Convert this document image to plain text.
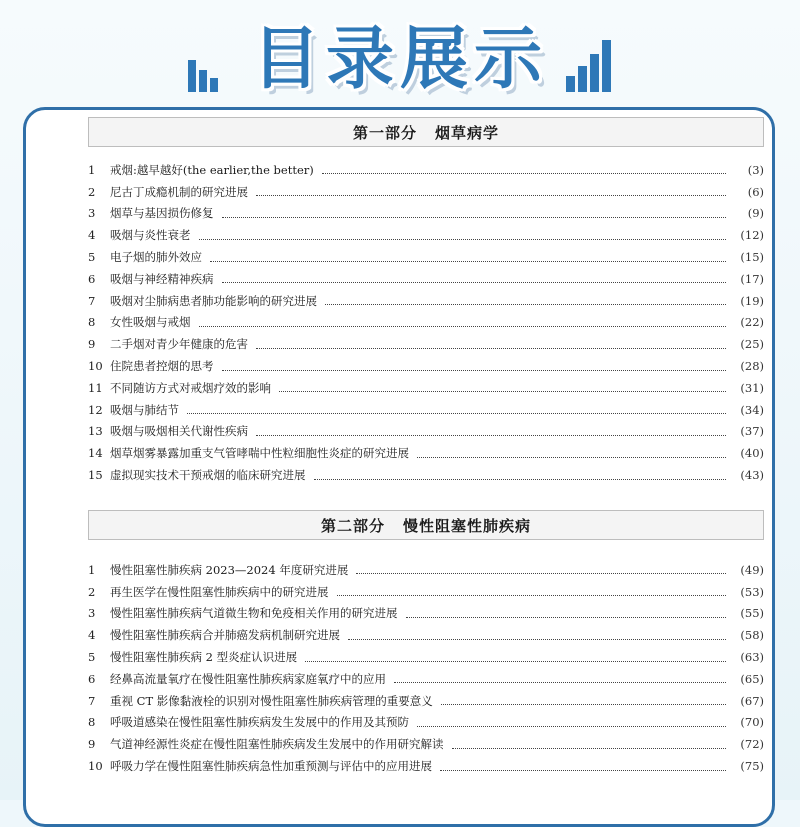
目录展示
第一部分 烟草病学
1	戒烟:越早越好(the earlier,the better)	(3)
2	尼古丁成瘾机制的研究进展	(6)
3	烟草与基因损伤修复	(9)
4	吸烟与炎性衰老	(12)
5	电子烟的肺外效应	(15)
6	吸烟与神经精神疾病	(17)
7	吸烟对尘肺病患者肺功能影响的研究进展	(19)
8	女性吸烟与戒烟	(22)
9	二手烟对青少年健康的危害	(25)
10 住院患者控烟的思考	(28)
11 不同随访方式对戒烟疗效的影响	(31)
12 吸烟与肺结节	(34)
13 吸烟与吸烟相关代谢性疾病	(37)
14 烟草烟雾暴露加重支气管哮喘中性粒细胞性炎症的研究进展	(40)
15 虚拟现实技术干预戒烟的临床研究进展	(43)
第二部分 慢性阻塞性肺疾病
1	慢性阻塞性肺疾病 2023—2024 年度研究进展	(49)
2	再生医学在慢性阻塞性肺疾病中的研究进展	(53)
3	慢性阻塞性肺疾病气道微生物和免疫相关作用的研究进展	(55)
4	慢性阻塞性肺疾病合并肺癌发病机制研究进展	(58)
5	慢性阻塞性肺疾病 2 型炎症认识进展	(63)
6	经鼻高流量氧疗在慢性阻塞性肺疾病家庭氧疗中的应用	(65)
7	重视 CT 影像黏液栓的识别对慢性阻塞性肺疾病管理的重要意义	(67)
8	呼吸道感染在慢性阻塞性肺疾病发生发展中的作用及其预防	(70)
9	气道神经源性炎症在慢性阻塞性肺疾病发生发展中的作用研究解读	(72)
10 呼吸力学在慢性阻塞性肺疾病急性加重预测与评估中的应用进展	(75)
